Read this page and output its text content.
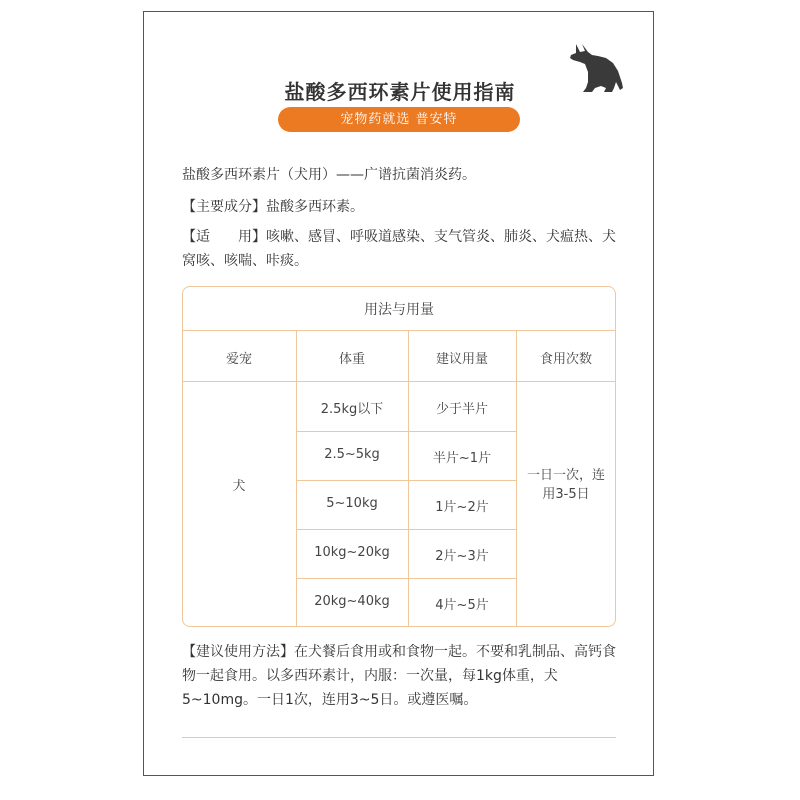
盐酸多西环素片使用指南
宠物药就选 普安特
盐酸多西环素片（犬用）——广谱抗菌消炎药。
【主要成分】盐酸多西环素。
【适　　用】咳嗽、感冒、呼吸道感染、支气管炎、肺炎、犬瘟热、犬窝咳、咳喘、咔痰。
用法与用量
爱宠	体重	建议用量	食用次数
犬
一日一次，连用3-5日
2.5kg以下	少于半片
2.5~5kg	半片~1片
5~10kg	1片~2片
10kg~20kg	2片~3片
20kg~40kg	4片~5片
【建议使用方法】在犬餐后食用或和食物一起。不要和乳制品、高钙食物一起食用。以多西环素计，内服：一次量，每1kg体重，犬5~10mg。一日1次，连用3~5日。或遵医嘱。
